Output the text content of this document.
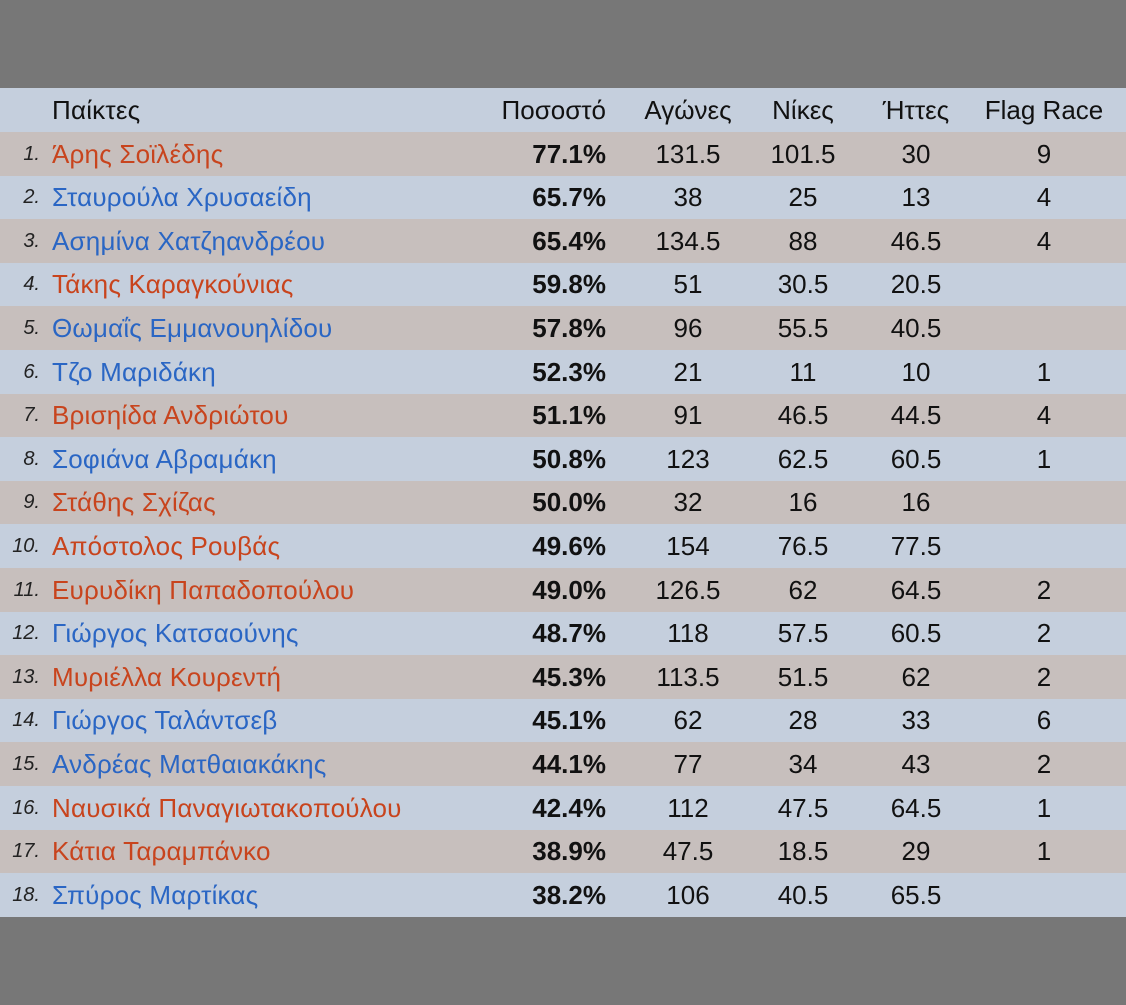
Παίκτες	Ποσοστό	Αγώνες	Νίκες	Ήττες	Flag Race
1. Άρης Σοϊλέδης	77.1%	131.5	101.5	30	9
2. Σταυρούλα Χρυσαείδη	65.7%	38	25	13	4
3. Ασημίνα Χατζηανδρέου	65.4%	134.5	88	46.5	4
4. Τάκης Καραγκούνιας	59.8%	51	30.5	20.5
5. Θωμαΐς Εμμανουηλίδου	57.8%	96	55.5	40.5
6. Τζο Μαριδάκη	52.3%	21	11	10	1
7. Βρισηίδα Ανδριώτου	51.1%	91	46.5	44.5	4
8. Σοφιάνα Αβραμάκη	50.8%	123	62.5	60.5	1
9. Στάθης Σχίζας	50.0%	32	16	16
10. Απόστολος Ρουβάς	49.6%	154	76.5	77.5
11. Ευρυδίκη Παπαδοπούλου	49.0%	126.5	62	64.5	2
12. Γιώργος Κατσαούνης	48.7%	118	57.5	60.5	2
13. Μυριέλλα Κουρεντή	45.3%	113.5	51.5	62	2
14. Γιώργος Ταλάντσεβ	45.1%	62	28	33	6
15. Ανδρέας Ματθαιακάκης	44.1%	77	34	43	2
16. Ναυσικά Παναγιωτακοπούλου	42.4%	112	47.5	64.5	1
17. Κάτια Ταραμπάνκο	38.9%	47.5	18.5	29	1
18. Σπύρος Μαρτίκας	38.2%	106	40.5	65.5
